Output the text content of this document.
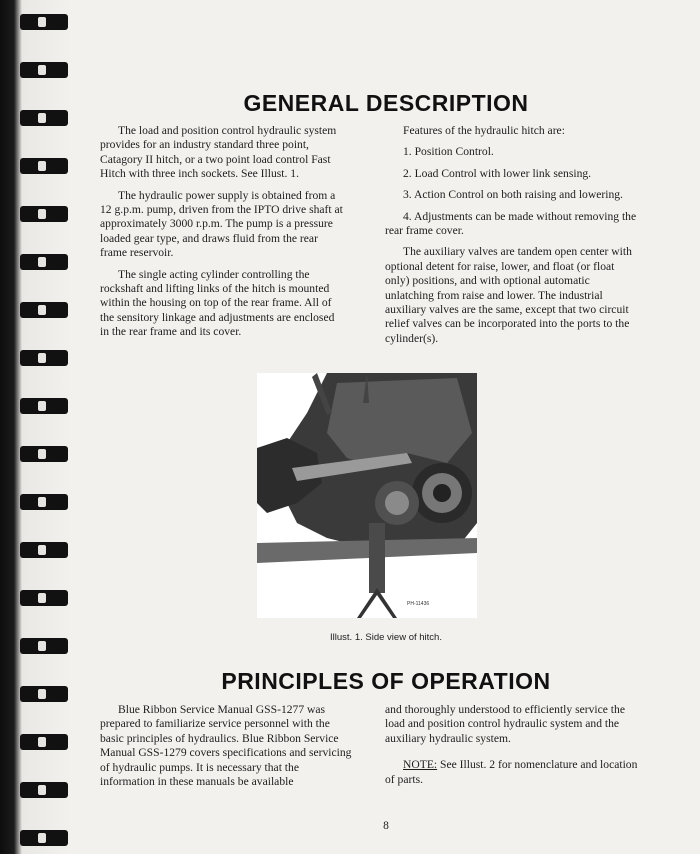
GENERAL DESCRIPTION

The load and position control hydraulic system provides for an industry standard three point, Catagory II hitch, or a two point load control Fast Hitch with three inch sockets. See Illust. 1.

The hydraulic power supply is obtained from a 12 g.p.m. pump, driven from the IPTO drive shaft at approximately 3000 r.p.m. The pump is a pressure loaded gear type, and draws fluid from the rear frame reservoir.

The single acting cylinder controlling the rockshaft and lifting links of the hitch is mounted within the housing on top of the rear frame. All of the sensitory linkage and adjustments are enclosed in the rear frame and its cover.

Features of the hydraulic hitch are:

1. Position Control.

2. Load Control with lower link sensing.

3. Action Control on both raising and lowering.

4. Adjustments can be made without removing the rear frame cover.

The auxiliary valves are tandem open center with optional detent for raise, lower, and float (or float only) positions, and with optional automatic unlatching from raise and lower. The industrial auxiliary valves are the same, except that two circuit relief valves can be incorporated into the ports to the cylinder(s).

PH-11436
Illust. 1. Side view of hitch.
PRINCIPLES OF OPERATION

Blue Ribbon Service Manual GSS-1277 was prepared to familiarize service personnel with the basic principles of hydraulics. Blue Ribbon Service Manual GSS-1279 covers specifications and servicing of hydraulic pumps. It is necessary that the information in these manuals be available

and thoroughly understood to efficiently service the load and position control hydraulic system and the auxiliary hydraulic system.

NOTE: See Illust. 2 for nomenclature and location of parts.

8
